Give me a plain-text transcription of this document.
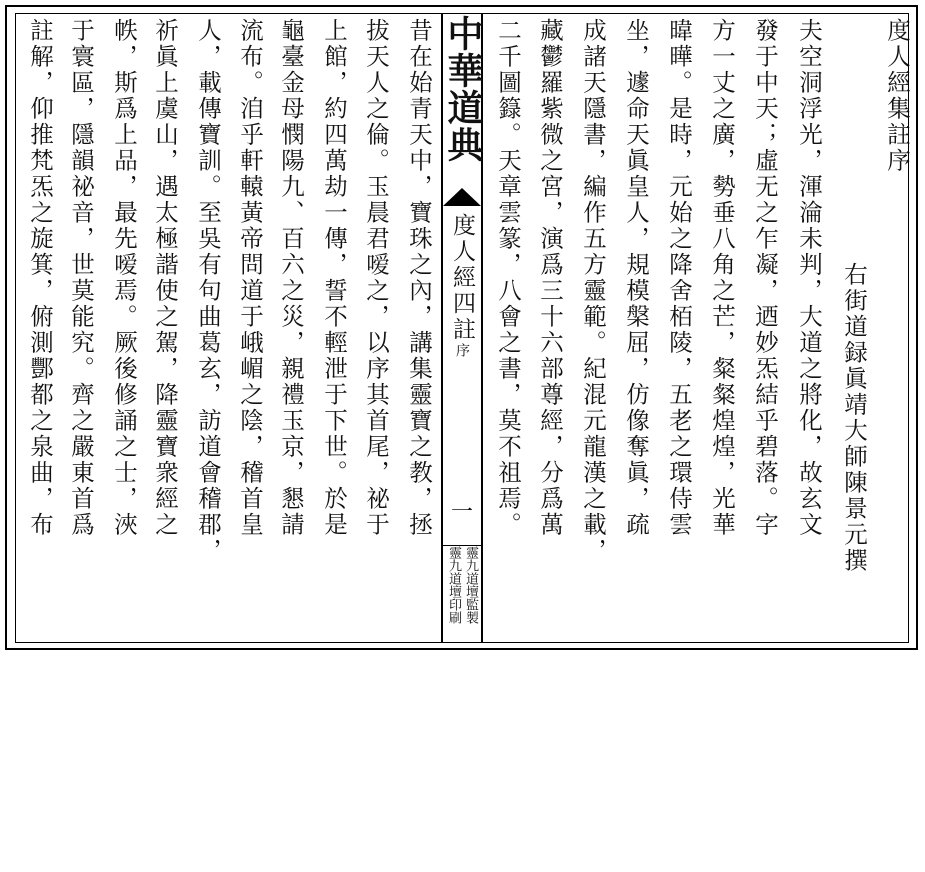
度人經集註序
右街道録眞靖大師陳景元撰
夫空洞浮光，渾淪未判，大道之將化，故玄文
發于中天；虛无之乍凝，迺妙炁結乎碧落。字
方一丈之廣，勢垂八角之芒，粲粲煌煌，光華
暐曄。是時，元始之降舍栢陵，五老之環侍雲
坐，遽命天眞皇人，規模槃屈，仿像奪眞，疏
成諸天隱書，編作五方靈範。紀混元龍漢之載，
藏鬱羅紫微之宮，演爲三十六部尊經，分爲萬
二千圖籙。天章雲篆，八會之書，莫不祖焉。
中華道典
度人經四註序
一
靈九道壇監製
靈九道壇印刷
昔在始青天中，寶珠之內，講集靈寶之教，拯
拔天人之倫。玉晨君嗳之，以序其首尾，祕于
上館，約四萬劫一傳，誓不輕泄于下世。於是
龜臺金母憫陽九、百六之災，親禮玉京，懇請
流布。洎乎軒轅黃帝問道于峨嵋之陰，稽首皇
人，載傳寶訓。至吳有句曲葛玄，訪道會稽郡，
祈眞上虞山，遇太極諧使之駕，降靈寶衆經之
帙，斯爲上品，最先嗳焉。厥後修誦之士，浹
于寰區，隱韻祕音，世莫能究。齊之嚴東首爲
註解，仰推梵炁之旋箕，俯測酆都之泉曲，布
